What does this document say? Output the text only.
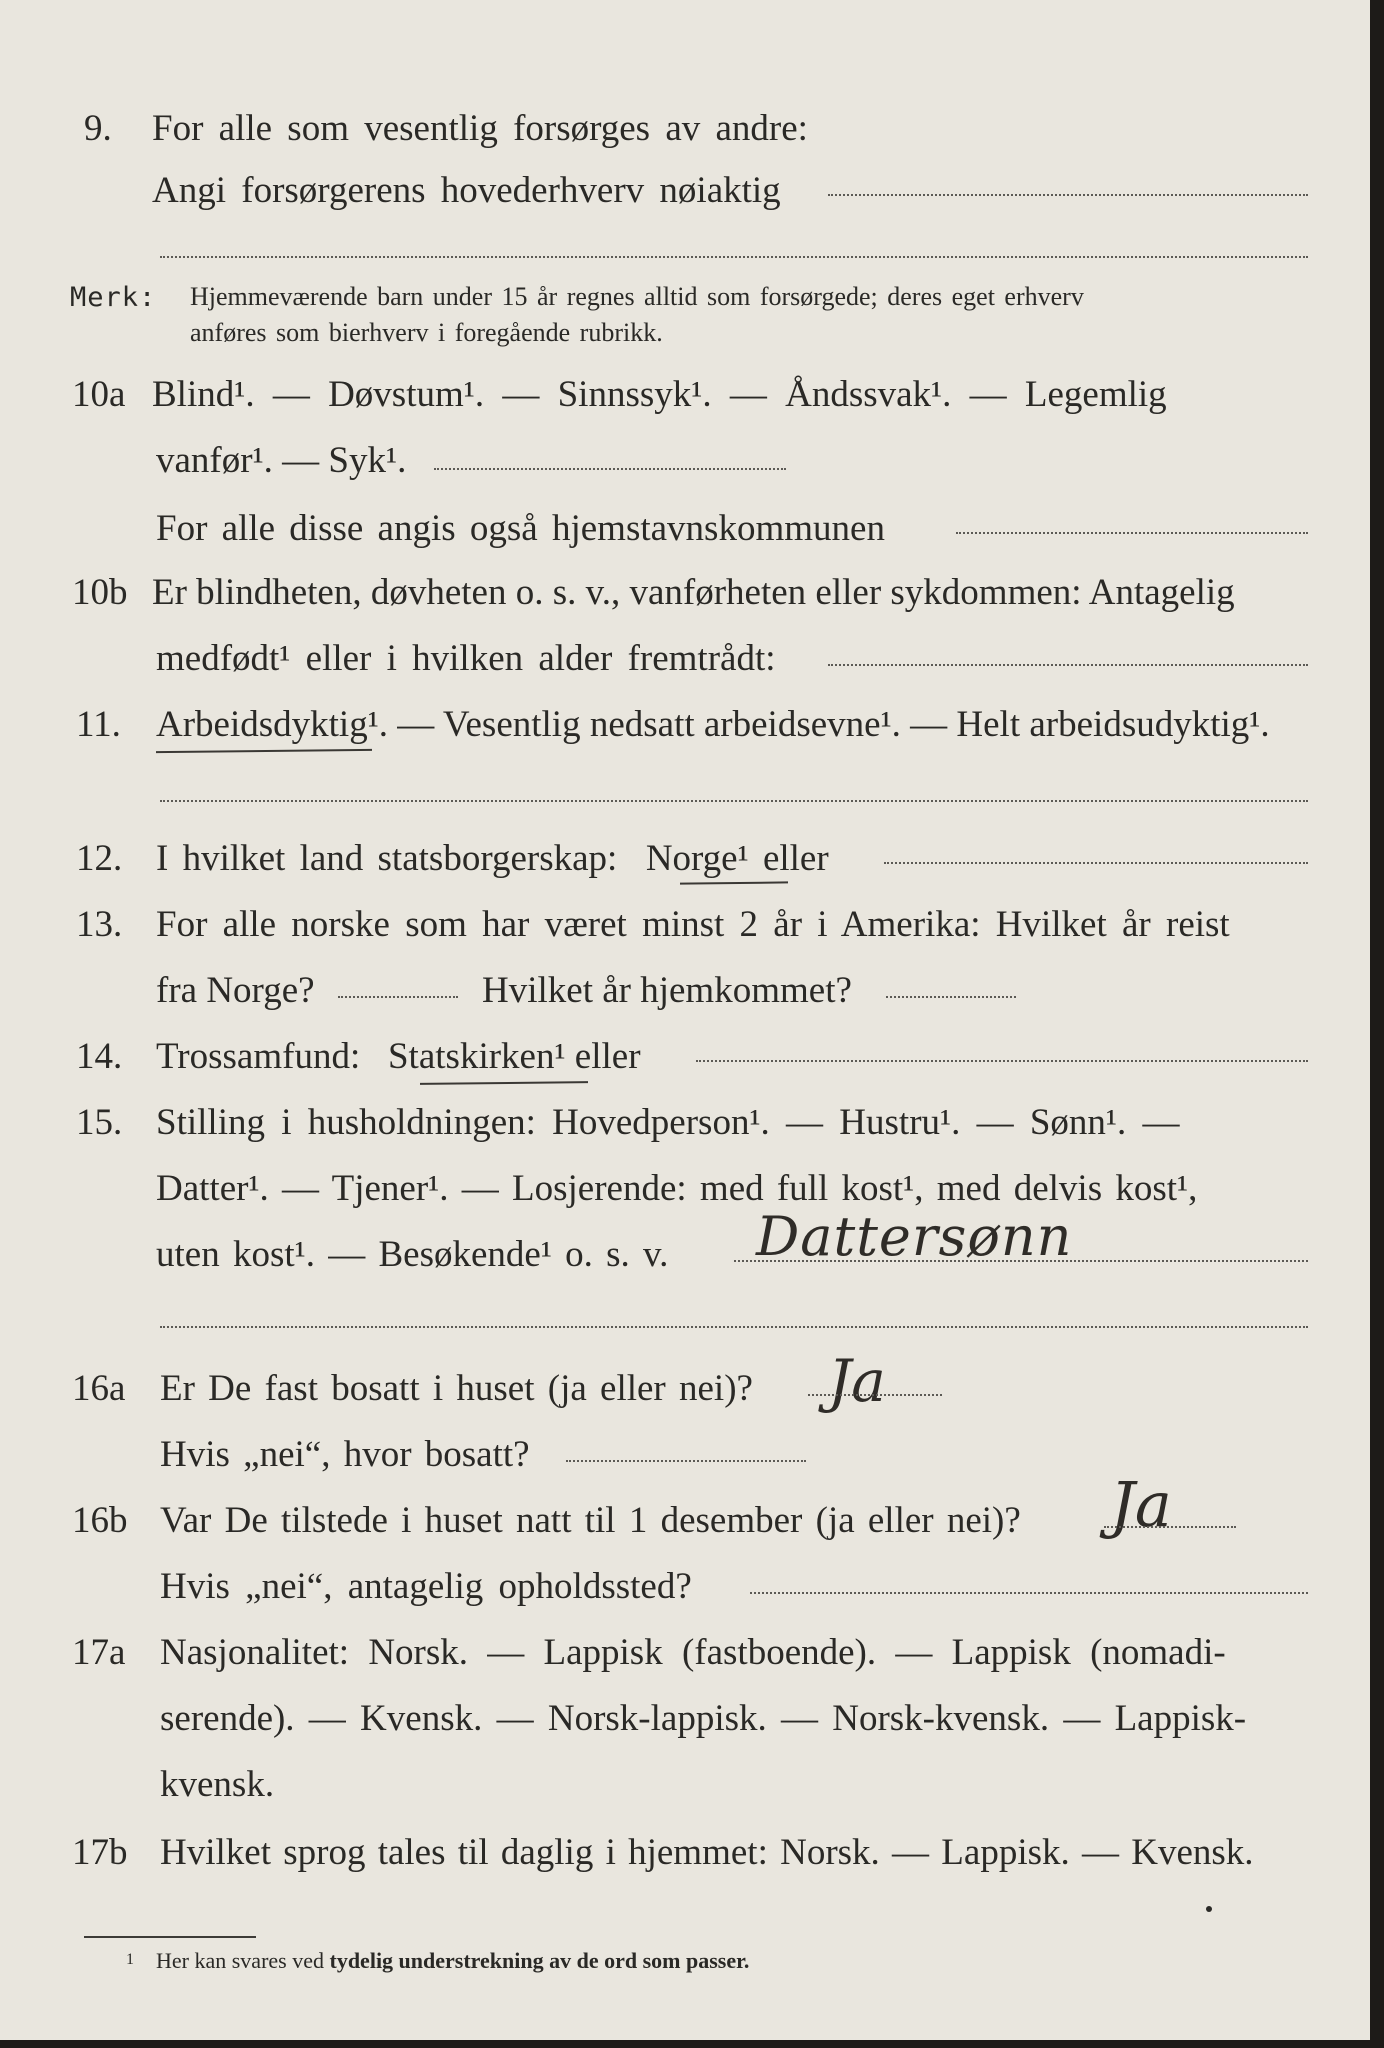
9. For alle som vesentlig forsørges av andre:
Angi forsørgerens hovederhverv nøiaktig
Merk: Hjemmeværende barn under 15 år regnes alltid som forsørgede; deres eget erhverv
anføres som bierhverv i foregående rubrikk.
10a Blind¹. — Døvstum¹. — Sinnssyk¹. — Åndssvak¹. — Legemlig
vanfør¹. — Syk¹.
For alle disse angis også hjemstavnskommunen
10b Er blindheten, døvheten o. s. v., vanførheten eller sykdommen: Antagelig
medfødt¹ eller i hvilken alder fremtrådt:
11. Arbeidsdyktig¹. — Vesentlig nedsatt arbeidsevne¹. — Helt arbeidsudyktig¹.
12. I hvilket land statsborgerskap: Norge¹ eller
13. For alle norske som har været minst 2 år i Amerika: Hvilket år reist
fra Norge?	Hvilket år hjemkommet?
14. Trossamfund: Statskirken¹ eller
15. Stilling i husholdningen: Hovedperson¹. — Hustru¹. — Sønn¹. —
Datter¹. — Tjener¹. — Losjerende: med full kost¹, med delvis kost¹,
uten kost¹. — Besøkende¹ o. s. v. Dattersønn
16a Er De fast bosatt i huset (ja eller nei)? Ja
Hvis „nei“, hvor bosatt?
16b Var De tilstede i huset natt til 1 desember (ja eller nei)? Ja
Hvis „nei“, antagelig opholdssted?
17a Nasjonalitet: Norsk. — Lappisk (fastboende). — Lappisk (nomadi-
serende). — Kvensk. — Norsk-lappisk. — Norsk-kvensk. — Lappisk-
kvensk.
17b Hvilket sprog tales til daglig i hjemmet: Norsk. — Lappisk. — Kvensk.
1 Her kan svares ved tydelig understrekning av de ord som passer.
